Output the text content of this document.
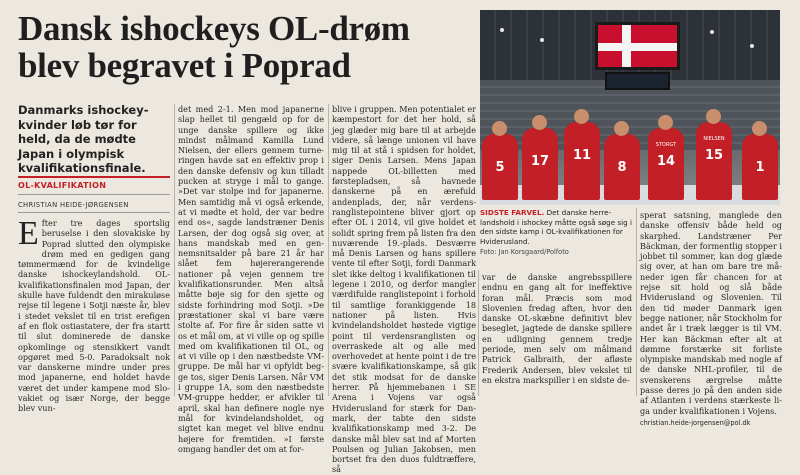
Dansk ishockeys OL-drøm blev begravet i Poprad
5	17	11
8
STORGT
14
NIELSEN
15
1
SIDSTE FARVEL. Det danske herrelandshold i ishockey måtte også søge sig i den sidste kamp i OL-kvalifikationen for Hviderusland.
Foto: Jan Korsgaard/Polfoto
Danmarks ishockeykvinder løb tør for held, da de mødte Japan i olympisk kvalifikationsfinale.
OL-KVALIFIKATION
CHRISTIAN HEIDE-JØRGENSEN
Efter tre dages sportslig beruselse i den slovakiske by Poprad slutted den olympiske drøm med en gedigen gang tømmermænd for de kvindelige danske ishockeylandshold. OL-kvalifikationsfinalen mod Japan, der skulle have fuldendt den mirakuløse rejse til legene i Sotji næste år, blev i stedet vekslet til en trist erefigen af en flok ostiastatere, der fra startt til slut dominerede de danske opkomlinge og stensikkert vandt opgøret med 5-0. Paradoksalt nok var danskerne mindre under pres mod japanerne, end holdet havde været det under kampene mod Slovakiet og især Norge, der begge blev vun-
det med 2-1. Men mod japanerne slap hellet til gengæld op for de unge danske spillere og ikke mindst målmand Kamilla Lund Nielsen, der ellers gennem turneringen havde sat en effektiv prop i den danske defensiv og kun tilladt pucken at strygе i mål to gange. »Det var stolpe ind for japanerne. Men samtidig må vi også erkende, at vi mødte et hold, der var bedre end os«, sagde landstræner Denis Larsen, der dog også sig over, at hans mandskab med en gennemsnitsalder på bare 21 år har slået fem højererangerende nationer på vejen gennem tre kvalifikationsrunder. Men altså måtte bøje sig for den sjette og sidste forhindring mod Sotji. »De præstationer skal vi bare være stolte af. For fire år siden satte vi os et mål om, at vi ville op og spille med om kvalifikationen til OL, og at vi ville op i den næstbedste VM-gruppe. De mål har vi opfyldt begge tos, siger Denis Larsen. Når VM i gruppe 1A, som den næstbedste VM-gruppe hedder, er afvikler til april, skal han definere nogle nye mål for kvindelandsholdet, og sigtet kan meget vel blive endnu højere for fremtiden. »I første omgang handler det om at for-
blive i gruppen. Men potentialet er kæmpestort for det her hold, så jeg glæder mig bare til at arbejde videre, så længe unionen vil have mig til at stå i spidsen for holdet, siger Denis Larsen. Mens Japan nappede OL-billetten med førstepladsen, så havnede danskerne på en ærefuld andenplads, der, når verdensranglistepointene bliver gjort op efter OL i 2014, vil give holdet et solidt spring frem på listen fra den nuværende 19.-plads. Desværre må Denis Larsen og hans spillere vente til efter Sotji, fordi Danmark slet ikke deltog i kvalifikationen til legene i 2010, og derfor mangler værdifulde ranglistepoint i forhold til samtlige forankiggende 18 nationer på listen. Hvis kvindelandsholdet høstede vigtige point til verdensranglisten og overraskede alt og alle med overhovedet at hente point i de tre svære kvalifikationskampe, så gik det stik modsat for de danske herrer. På hjemmebanen i SE Arena i Vojens var også Hviderusland for stærk for Danmark, der tabte den sidste kvalifikationskamp med 3-2. De danske mål blev sat ind af Morten Poulsen og Julian Jakobsen, men bortset fra den duos fuldtræffere, så
var de danske angrebsspillere endnu en gang alt for ineffektive foran mål. Præcis som mod Slovenien fredag aften, hvor den danske OL-skæbne definitivt blev beseglet, jagtede de danske spillere en udligning gennem tredje periode, men selv om målmand Patrick Galbraith, der afløste Frederik Andersen, blev vekslet til en ekstra markspiller i en sidste de-
sperat satsning, manglede den danske offensiv både held og skarphed. Landstræner Per Bäckman, der formentlig stopper i jobbet til sommer, kan dog glæde sig over, at han om bare tre måneder igen får chancen for at rejse sit hold og slå både Hviderusland og Slovenien. Til den tid møder Danmark igen begge nationer, når Stockholm for andet år i træk lægger is til VM. Her kan Bäckman efter alt at dømme forstærke sit forliste olympiske mandskab med nogle af de danske NHL-profiler, til de svenskerens ærgrelse måtte passe deres jo på den anden side af Atlanten i verdens stærkeste liga under kvalifikationen i Vojens.
christian.heide-jorgensen@pol.dk
